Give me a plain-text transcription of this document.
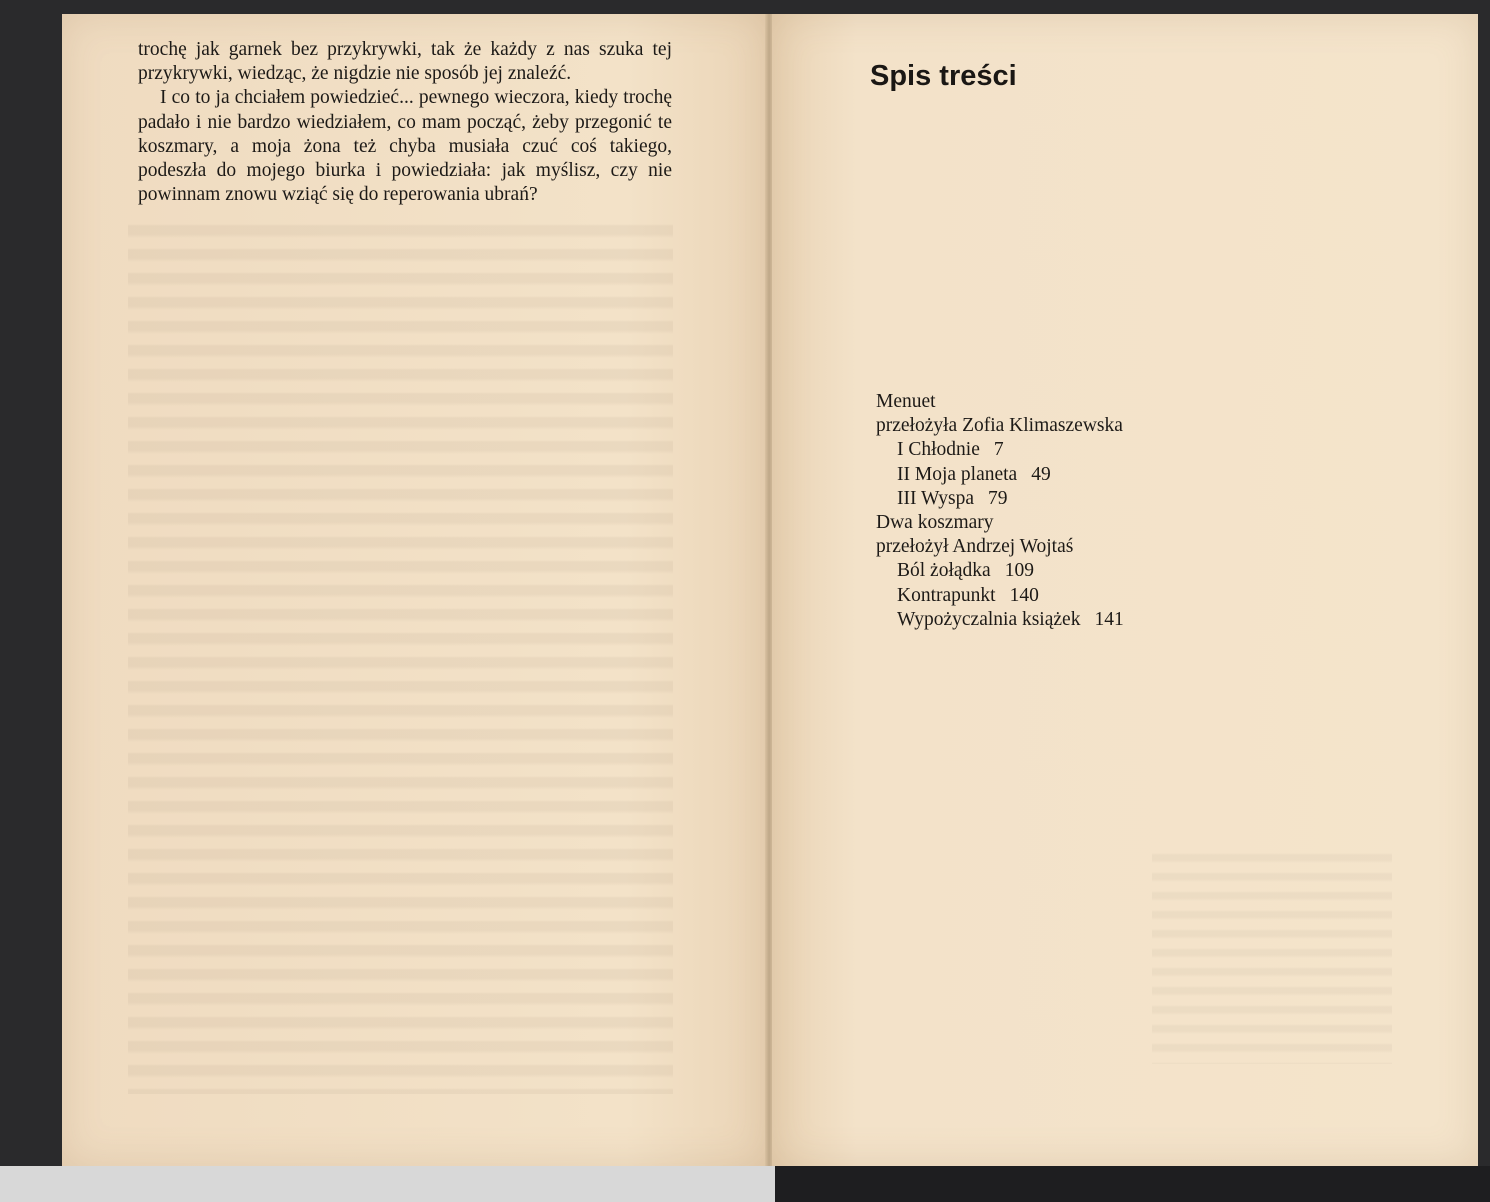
trochę jak garnek bez przykrywki, tak że każdy z nas szuka tej przykrywki, wiedząc, że nigdzie nie sposób jej znaleźć.

I co to ja chciałem powiedzieć... pewnego wieczora, kiedy trochę padało i nie bardzo wiedziałem, co mam począć, żeby przegonić te koszmary, a moja żona też chyba musiała czuć coś takiego, podeszła do mojego biurka i powiedziała: jak myślisz, czy nie powinnam znowu wziąć się do reperowania ubrań?

Spis treści
Menuet
przełożyła Zofia Klimaszewska
I Chłodnie 7
II Moja planeta 49
III Wyspa 79
Dwa koszmary
przełożył Andrzej Wojtaś
Ból żołądka 109
Kontrapunkt 140
Wypożyczalnia książek 141
